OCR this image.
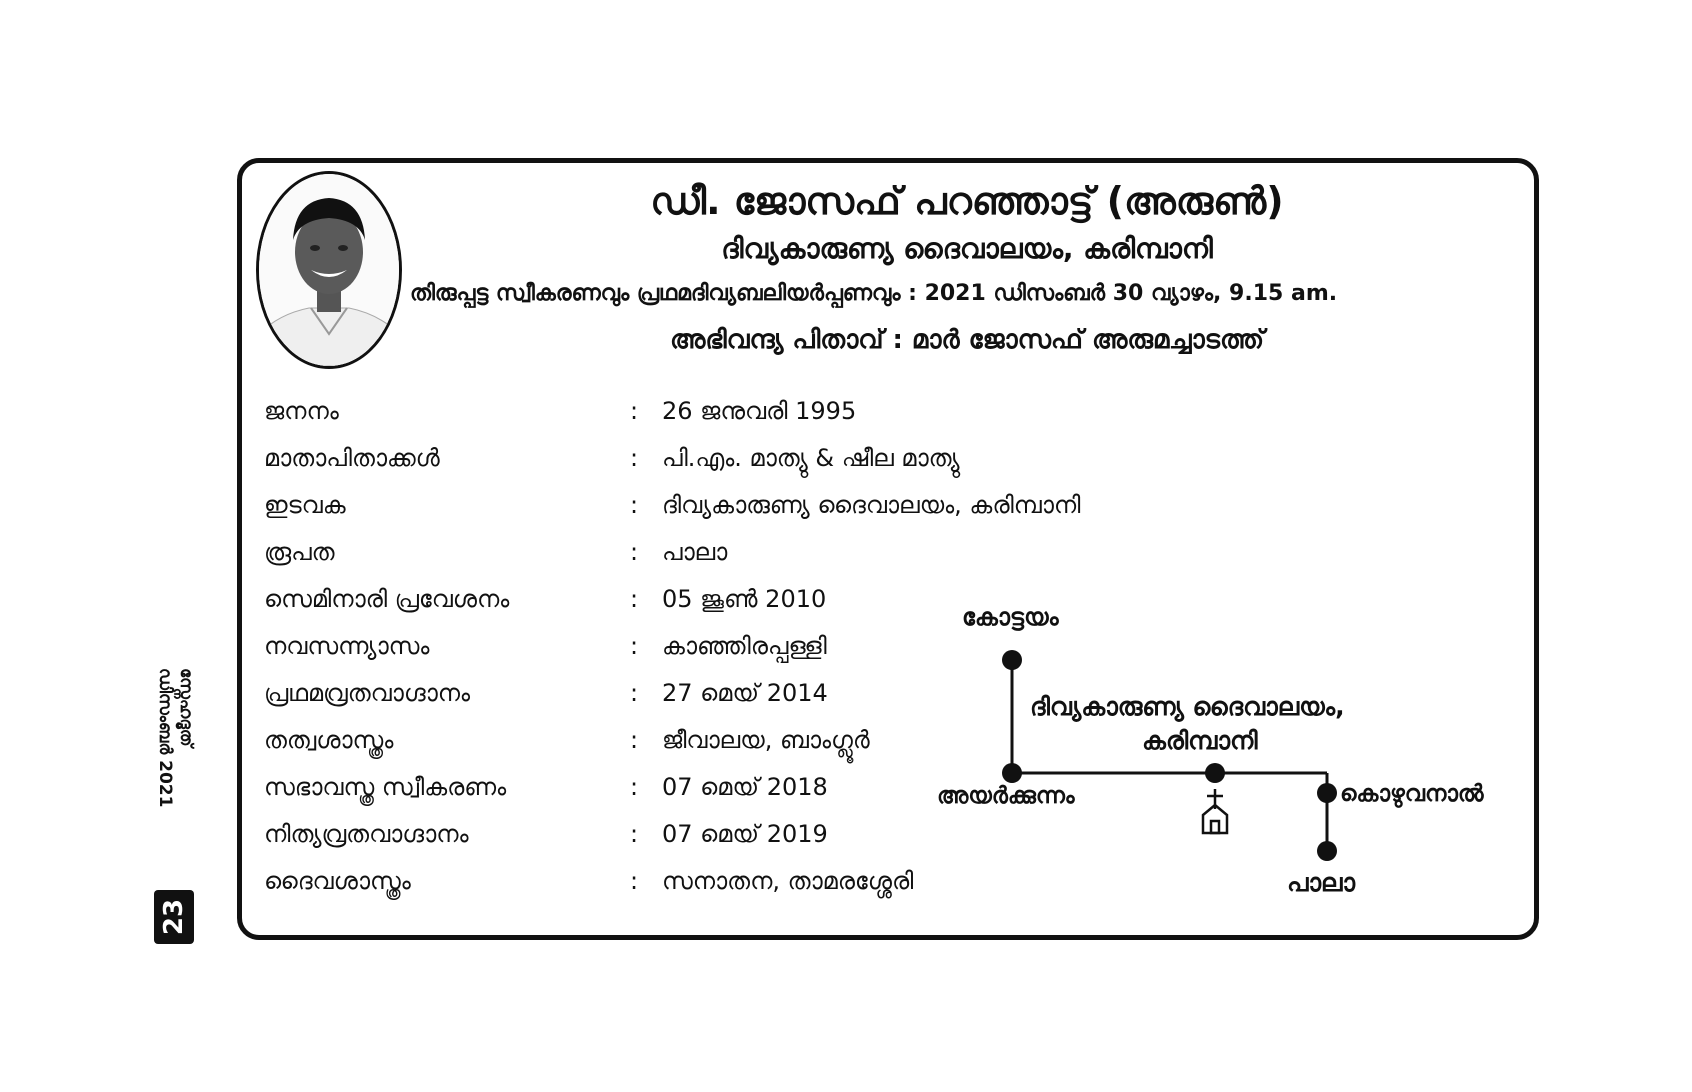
ഡീ. ജോസഫ് പറഞ്ഞാട്ട് (അരുൺ)

ദിവ്യകാരുണ്യ ദൈവാലയം, കരിമ്പാനി

തിരുപ്പട്ട സ്വീകരണവും പ്രഥമദിവ്യബലിയർപ്പണവും : 2021 ഡിസംബർ 30 വ്യാഴം, 9.15 am.

അഭിവന്ദ്യ പിതാവ് : മാർ ജോസഫ് അരുമച്ചാടത്ത്

ജനനം	: 26 ജനുവരി 1995
മാതാപിതാക്കൾ	: പി.എം. മാത്യു & ഷീല മാത്യു
ഇടവക	: ദിവ്യകാരുണ്യ ദൈവാലയം, കരിമ്പാനി
രൂപത	: പാലാ
സെമിനാരി പ്രവേശനം	: 05 ജൂൺ 2010
നവസന്ന്യാസം	: കാഞ്ഞിരപ്പള്ളി
പ്രഥമവ്രതവാഗ്ദാനം	: 27 മെയ് 2014
തത്വശാസ്ത്രം	: ജീവാലയ, ബാംഗ്ലൂർ
സഭാവസ്ത്ര സ്വീകരണം	: 07 മെയ് 2018
നിത്യവ്രതവാഗ്ദാനം	: 07 മെയ് 2019
ദൈവശാസ്ത്രം	: സനാതന, താമരശ്ശേരി
കോട്ടയം
ദിവ്യകാരുണ്യ ദൈവാലയം,
കരിമ്പാനി
അയർക്കുന്നം	കൊഴുവനാൽ
പാലാ
സ്നേഹദൂത്
ഡിസംബർ 2021
23
